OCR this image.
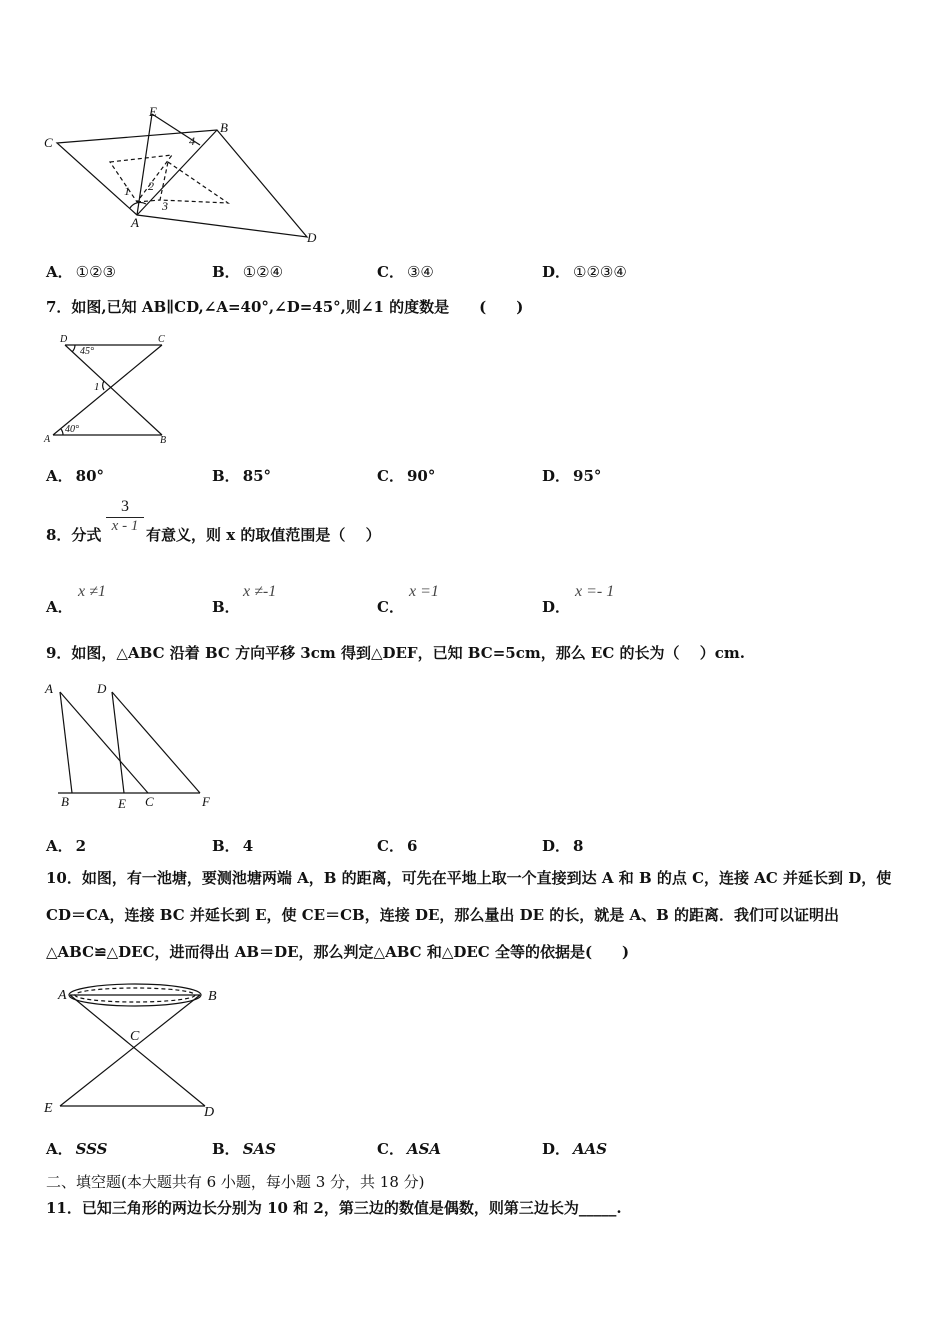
E
B
C
A
D
1 2
3
4
A． ①②③	B． ①②④	C． ③④	D． ①②③④
7．如图,已知 AB∥CD,∠A=40°,∠D=45°,则∠1 的度数是　　(　　)
D	C
A	B
45°
40°
1
A． 80°	B． 85°	C． 90°	D． 95°
8．分式 $\frac{3}{x - 1}$ 有意义，则 x 的取值范围是（　 ）
A．
x ≠1
B．
x ≠-1
C．
x =1
D．
x =- 1
9．如图，△ABC 沿着 BC 方向平移 3cm 得到△DEF，已知 BC=5cm，那么 EC 的长为（　 ）cm.
A	D
B	E C	F
A． 2	B． 4	C． 6	D． 8
10．如图，有一池塘，要测池塘两端 A，B 的距离，可先在平地上取一个直接到达 A 和 B 的点 C，连接 AC 并延长到 D，使 CD＝CA，连接 BC 并延长到 E，使 CE＝CB，连接 DE，那么量出 DE 的长，就是 A、B 的距离．我们可以证明出△ABC≌△DEC，进而得出 AB＝DE，那么判定△ABC 和△DEC 全等的依据是(　　)
A	B
C
E	D
A． SSS	B． SAS	C． ASA	D． AAS
二、填空题(本大题共有 6 小题，每小题 3 分，共 18 分)
11．已知三角形的两边长分别为 10 和 2，第三边的数值是偶数，则第三边长为_____.
